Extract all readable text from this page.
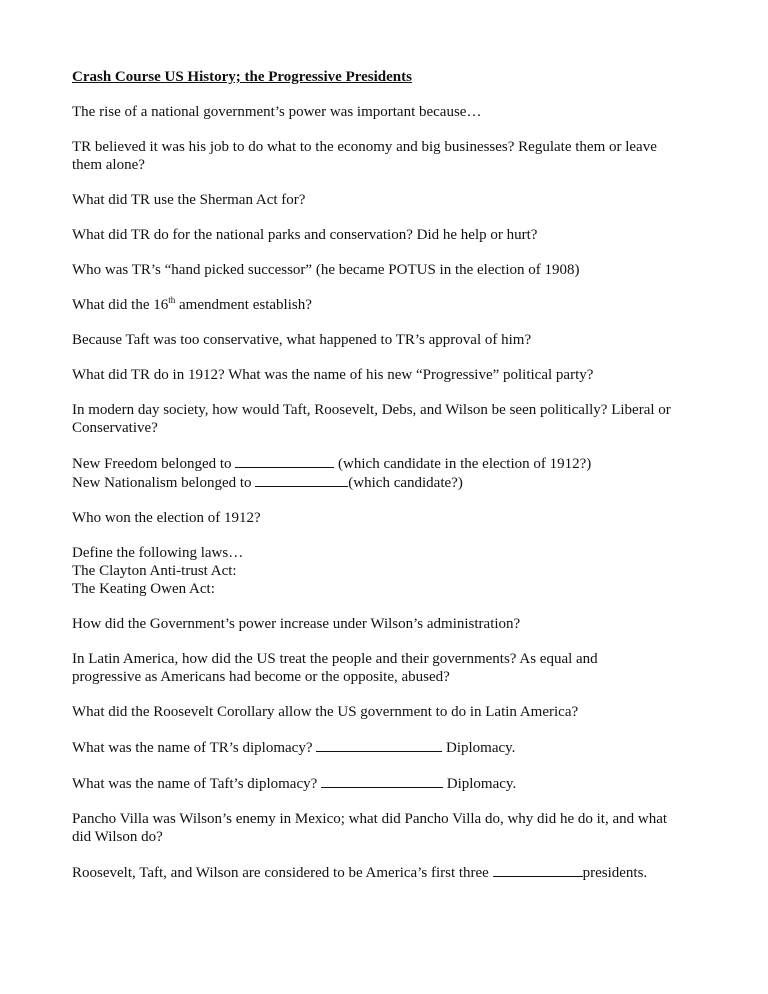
Crash Course US History; the Progressive Presidents
The rise of a national government’s power was important because…
TR believed it was his job to do what to the economy and big businesses? Regulate them or leave
them alone?
What did TR use the Sherman Act for?
What did TR do for the national parks and conservation? Did he help or hurt?
Who was TR’s “hand picked successor” (he became POTUS in the election of 1908)
What did the 16th amendment establish?
Because Taft was too conservative, what happened to TR’s approval of him?
What did TR do in 1912? What was the name of his new “Progressive” political party?
In modern day society, how would Taft, Roosevelt, Debs, and Wilson be seen politically? Liberal or
Conservative?
New Freedom belonged to	(which candidate in the election of 1912?)
New Nationalism belonged to	(which candidate?)
Who won the election of 1912?
Define the following laws…
The Clayton Anti-trust Act:
The Keating Owen Act:
How did the Government’s power increase under Wilson’s administration?
In Latin America, how did the US treat the people and their governments? As equal and
progressive as Americans had become or the opposite, abused?
What did the Roosevelt Corollary allow the US government to do in Latin America?
What was the name of TR’s diplomacy?	Diplomacy.
What was the name of Taft’s diplomacy?	Diplomacy.
Pancho Villa was Wilson’s enemy in Mexico; what did Pancho Villa do, why did he do it, and what
did Wilson do?
Roosevelt, Taft, and Wilson are considered to be America’s first three	presidents.
